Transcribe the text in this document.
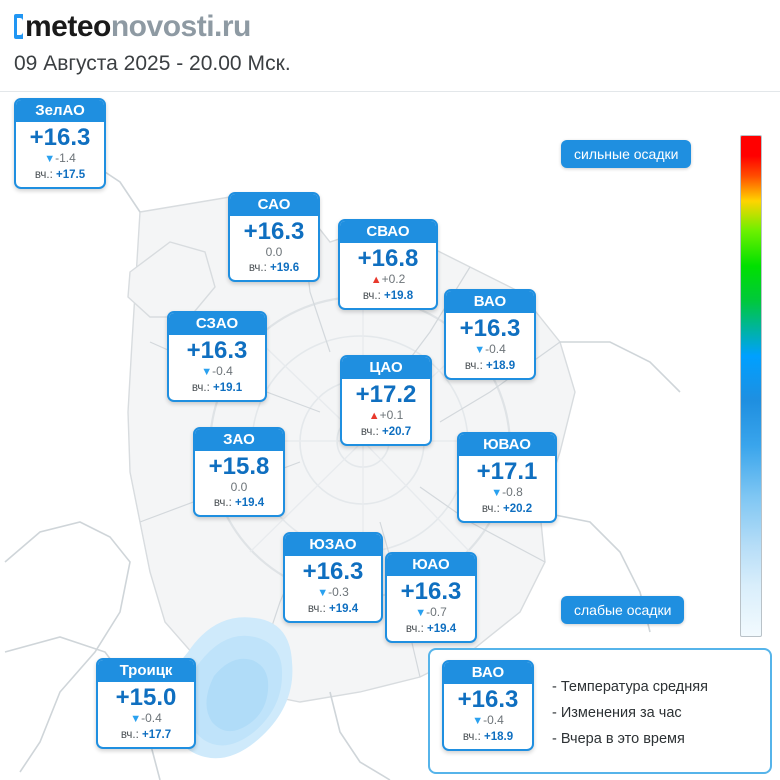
meteonovosti.ru
09 Августа 2025 - 20.00 Мск.
ЗелАО
+16.3
▼-1.4
вч.: +17.5
САО
+16.3
0.0
вч.: +19.6
СВАО
+16.8
▲+0.2
вч.: +19.8	ВАО
+16.3
▼-0.4
вч.: +18.9
СЗАО
+16.3
▼-0.4
вч.: +19.1
ЦАО
+17.2
▲+0.1
вч.: +20.7
ЗАО
+15.8
0.0
вч.: +19.4
ЮВАО
+17.1
▼-0.8
вч.: +20.2
ЮЗАО
+16.3
▼-0.3
вч.: +19.4
ЮАО
+16.3
▼-0.7
вч.: +19.4
Троицк
+15.0
▼-0.4
вч.: +17.7
сильные осадки
слабые осадки
ВАО
+16.3
▼-0.4
вч.: +18.9
- Температура средняя
- Изменения за час
- Вчера в это время
